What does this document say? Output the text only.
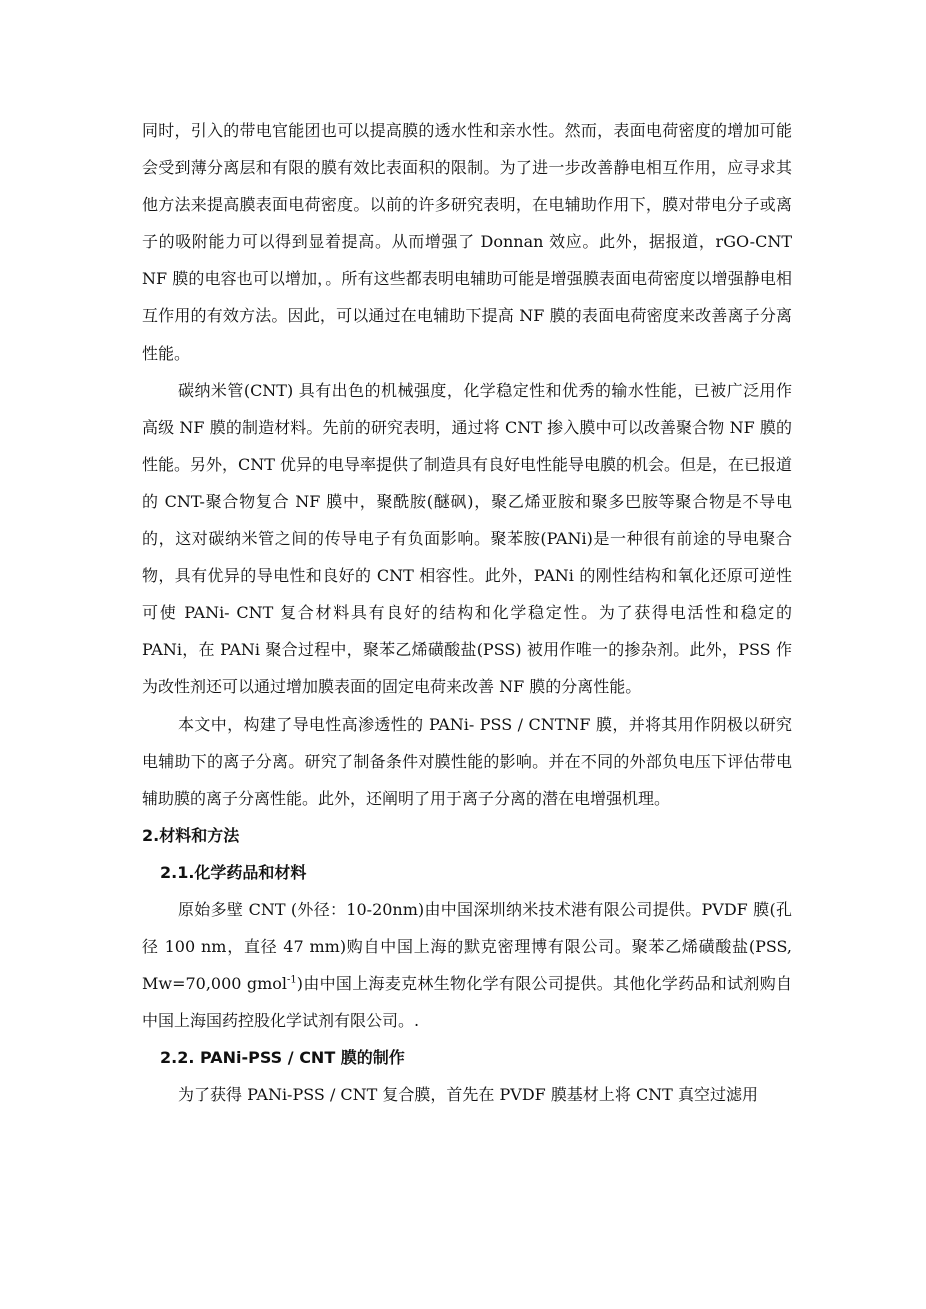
同时，引入的带电官能团也可以提高膜的透水性和亲水性。然而，表面电荷密度的增加可能会受到薄分离层和有限的膜有效比表面积的限制。为了进一步改善静电相互作用，应寻求其他方法来提高膜表面电荷密度。以前的许多研究表明，在电辅助作用下，膜对带电分子或离子的吸附能力可以得到显着提高。从而增强了 Donnan 效应。此外，据报道，rGO-CNT NF 膜的电容也可以增加，。所有这些都表明电辅助可能是增强膜表面电荷密度以增强静电相互作用的有效方法。因此，可以通过在电辅助下提高 NF 膜的表面电荷密度来改善离子分离性能。

碳纳米管(CNT) 具有出色的机械强度，化学稳定性和优秀的输水性能，已被广泛用作高级 NF 膜的制造材料。先前的研究表明，通过将 CNT 掺入膜中可以改善聚合物 NF 膜的性能。另外，CNT 优异的电导率提供了制造具有良好电性能导电膜的机会。但是，在已报道的 CNT-聚合物复合 NF 膜中，聚酰胺(醚砜)，聚乙烯亚胺和聚多巴胺等聚合物是不导电的，这对碳纳米管之间的传导电子有负面影响。聚苯胺(PANi)是一种很有前途的导电聚合物，具有优异的导电性和良好的 CNT 相容性。此外，PANi 的刚性结构和氧化还原可逆性可使 PANi- CNT 复合材料具有良好的结构和化学稳定性。为了获得电活性和稳定的 PANi，在 PANi 聚合过程中，聚苯乙烯磺酸盐(PSS) 被用作唯一的掺杂剂。此外，PSS 作为改性剂还可以通过增加膜表面的固定电荷来改善 NF 膜的分离性能。

本文中，构建了导电性高渗透性的 PANi- PSS / CNTNF 膜，并将其用作阴极以研究电辅助下的离子分离。研究了制备条件对膜性能的影响。并在不同的外部负电压下评估带电辅助膜的离子分离性能。此外，还阐明了用于离子分离的潜在电增强机理。

2.材料和方法
2.1.化学药品和材料

原始多壁 CNT (外径：10-20nm)由中国深圳纳米技术港有限公司提供。PVDF 膜(孔径 100 nm，直径 47 mm)购自中国上海的默克密理博有限公司。聚苯乙烯磺酸盐(PSS, Mw=70,000 gmol$^{-1}$)由中国上海麦克林生物化学有限公司提供。其他化学药品和试剂购自中国上海国药控股化学试剂有限公司。.

2.2. PANi-PSS / CNT 膜的制作

为了获得 PANi-PSS / CNT 复合膜，首先在 PVDF 膜基材上将 CNT 真空过滤用
